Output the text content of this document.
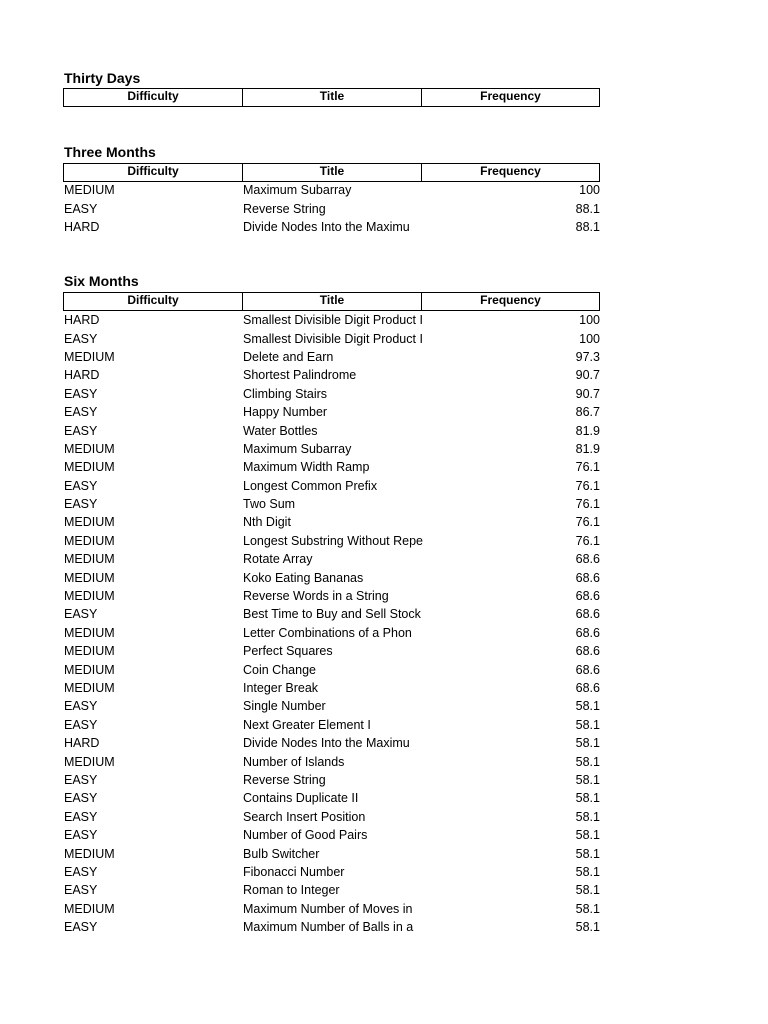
Thirty Days
Difficulty	Title	Frequency
Three Months
Difficulty	Title	Frequency
MEDIUM	Maximum Subarray	100
EASY	Reverse String	88.1
HARD	Divide Nodes Into the Maximu	88.1
Six Months
Difficulty	Title	Frequency
HARD	Smallest Divisible Digit Product I	100
EASY	Smallest Divisible Digit Product I	100
MEDIUM	Delete and Earn	97.3
HARD	Shortest Palindrome	90.7
EASY	Climbing Stairs	90.7
EASY	Happy Number	86.7
EASY	Water Bottles	81.9
MEDIUM	Maximum Subarray	81.9
MEDIUM	Maximum Width Ramp	76.1
EASY	Longest Common Prefix	76.1
EASY	Two Sum	76.1
MEDIUM	Nth Digit	76.1
MEDIUM	Longest Substring Without Repe	76.1
MEDIUM	Rotate Array	68.6
MEDIUM	Koko Eating Bananas	68.6
MEDIUM	Reverse Words in a String	68.6
EASY	Best Time to Buy and Sell Stock	68.6
MEDIUM	Letter Combinations of a Phon	68.6
MEDIUM	Perfect Squares	68.6
MEDIUM	Coin Change	68.6
MEDIUM	Integer Break	68.6
EASY	Single Number	58.1
EASY	Next Greater Element I	58.1
HARD	Divide Nodes Into the Maximu	58.1
MEDIUM	Number of Islands	58.1
EASY	Reverse String	58.1
EASY	Contains Duplicate II	58.1
EASY	Search Insert Position	58.1
EASY	Number of Good Pairs	58.1
MEDIUM	Bulb Switcher	58.1
EASY	Fibonacci Number	58.1
EASY	Roman to Integer	58.1
MEDIUM	Maximum Number of Moves in	58.1
EASY	Maximum Number of Balls in a	58.1
